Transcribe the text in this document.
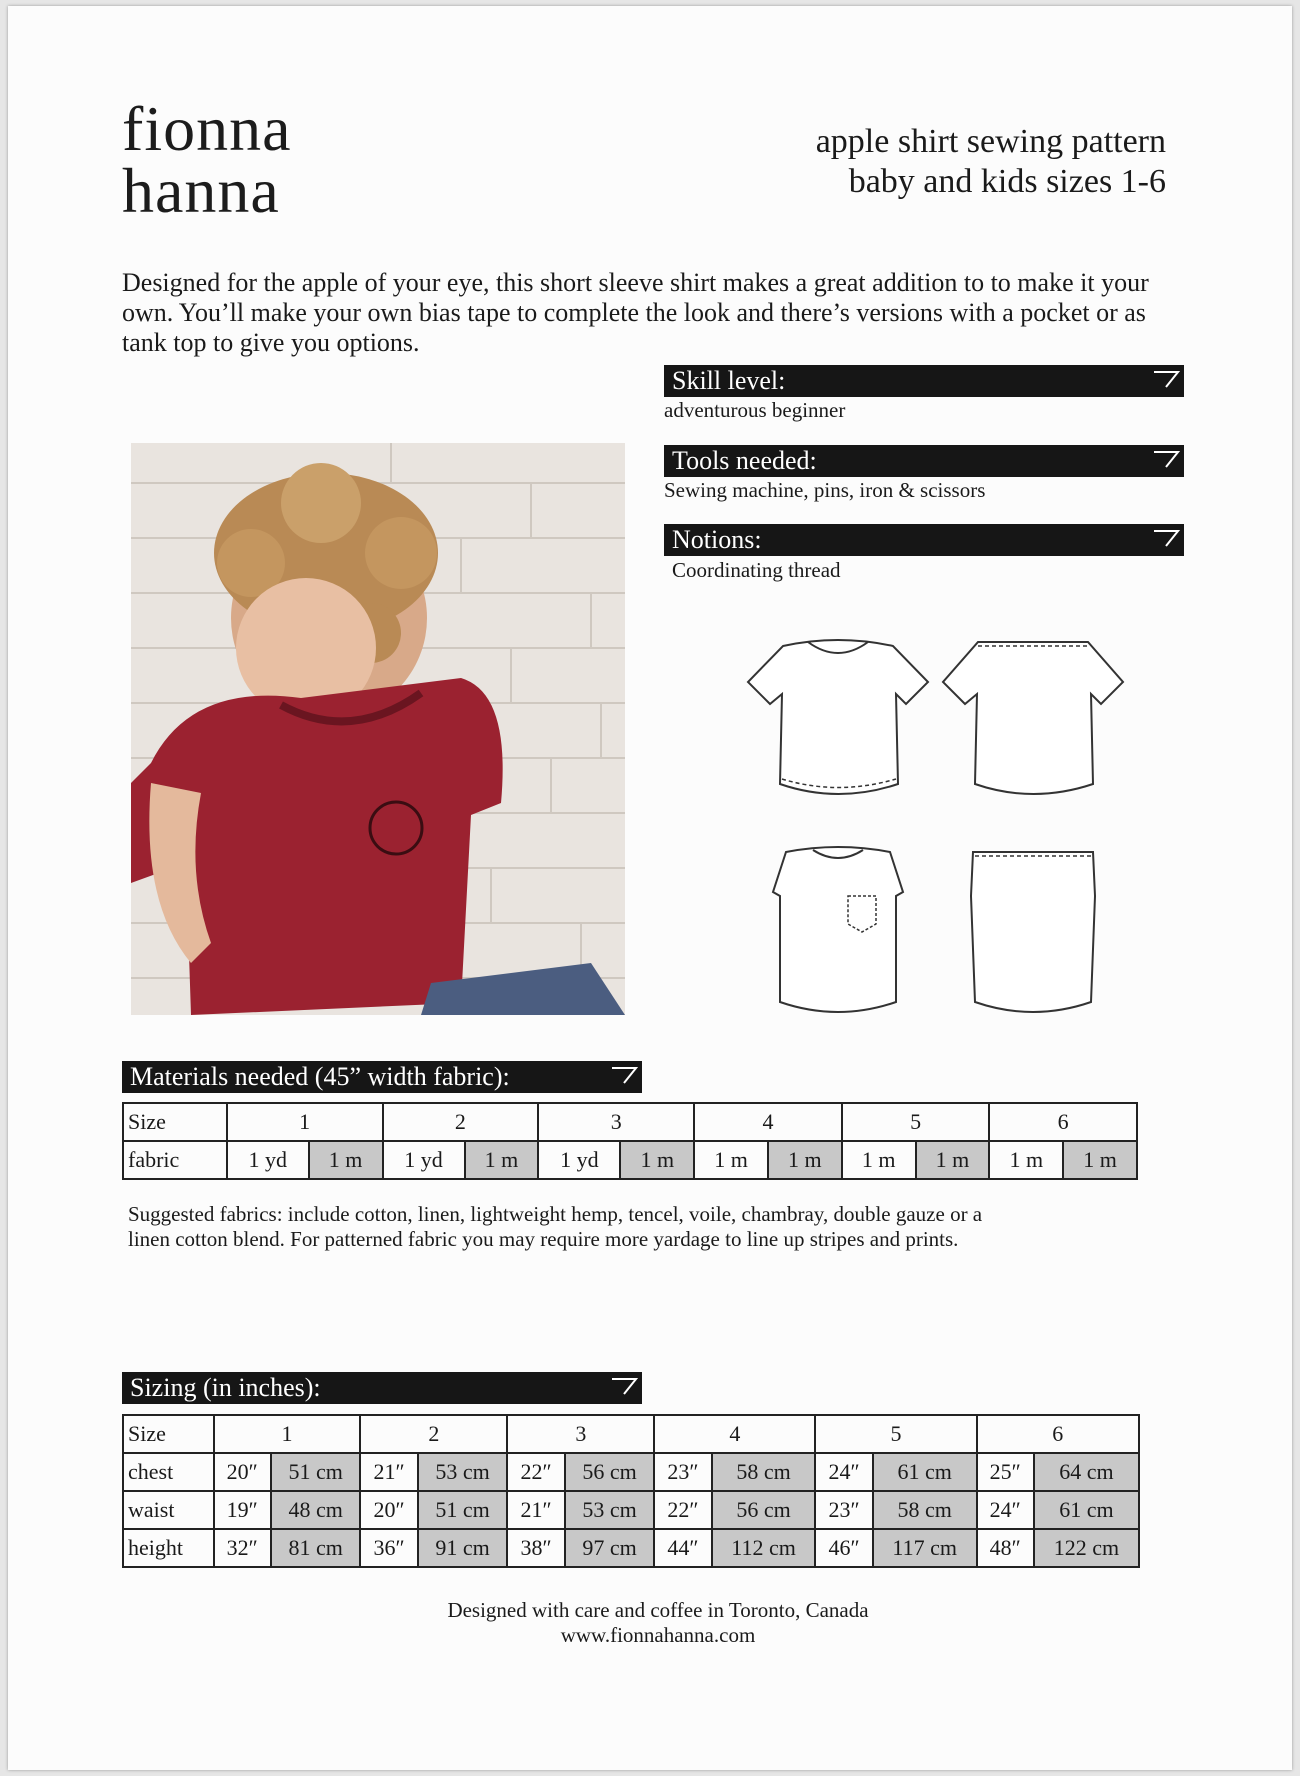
fionna
hanna
apple shirt sewing pattern
baby and kids sizes 1-6
Designed for the apple of your eye, this short sleeve shirt makes a great addition to to make it your own. You’ll make your own bias tape to complete the look and there’s versions with a pocket or as tank top to give you options.
Skill level:
adventurous beginner
Tools needed:
Sewing machine, pins, iron & scissors
Notions:
Coordinating thread
Materials needed (45” width fabric):
Size	1		2		3		4		5		6	
fabric	1 yd	1 m	1 yd	1 m	1 yd	1 m	1 m	1 m	1 m	1 m	1 m	1 m
Suggested fabrics: include cotton, linen, lightweight hemp, tencel, voile, chambray, double gauze or a linen cotton blend. For patterned fabric you may require more yardage to line up stripes and prints.
Sizing (in inches):
Size	1		2		3		4		5		6	
chest	20″	51 cm	21″	53 cm	22″	56 cm	23″	58 cm	24″	61 cm	25″	64 cm
waist	19″	48 cm	20″	51 cm	21″	53 cm	22″	56 cm	23″	58 cm	24″	61 cm
height	32″	81 cm	36″	91 cm	38″	97 cm	44″	112 cm	46″	117 cm	48″	122 cm
Designed with care and coffee in Toronto, Canada
www.fionnahanna.com
